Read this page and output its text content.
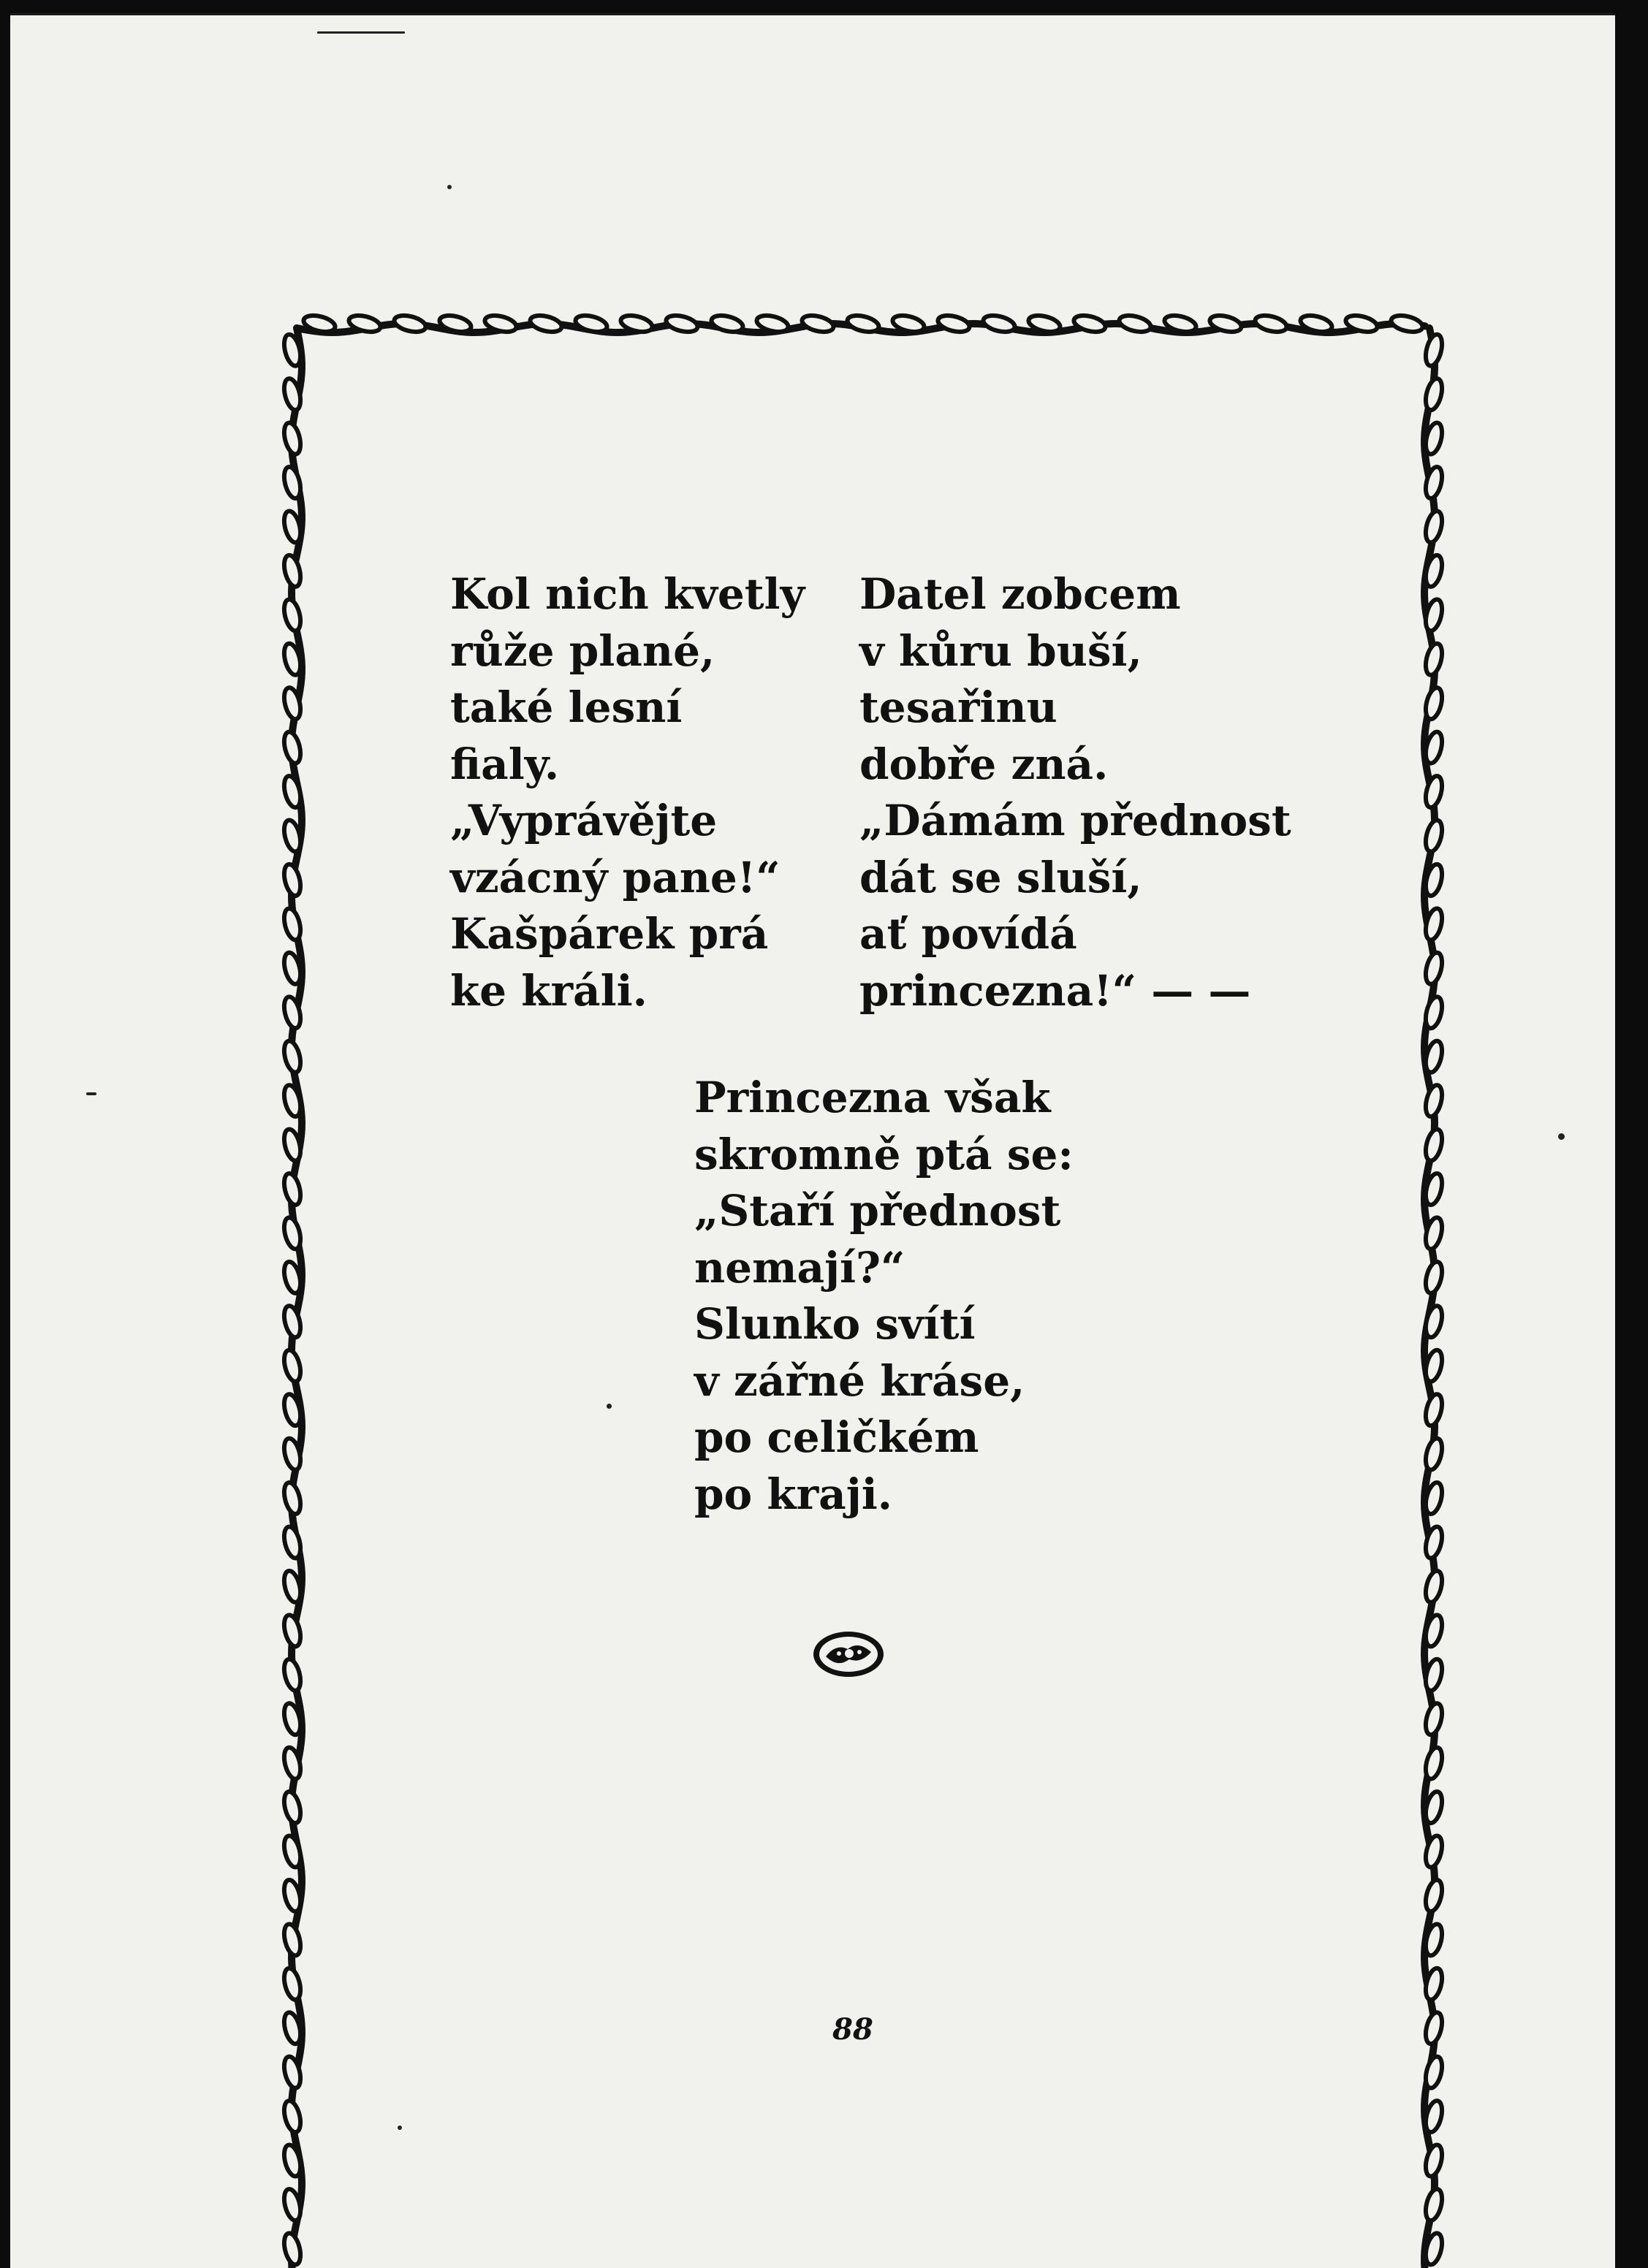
Kol nich kvetly
růže plané,
také lesní
fialy.
„Vyprávějte
vzácný pane!“
Kašpárek prá
ke králi.
Datel zobcem
v kůru buší,
tesařinu
dobře zná.
„Dámám přednost
dát se sluší,
ať povídá
princezna!“ — —
Princezna však
skromně ptá se:
„Staří přednost
nemají?“
Slunko svítí
v zářné kráse,
po celičkém
po kraji.
88
